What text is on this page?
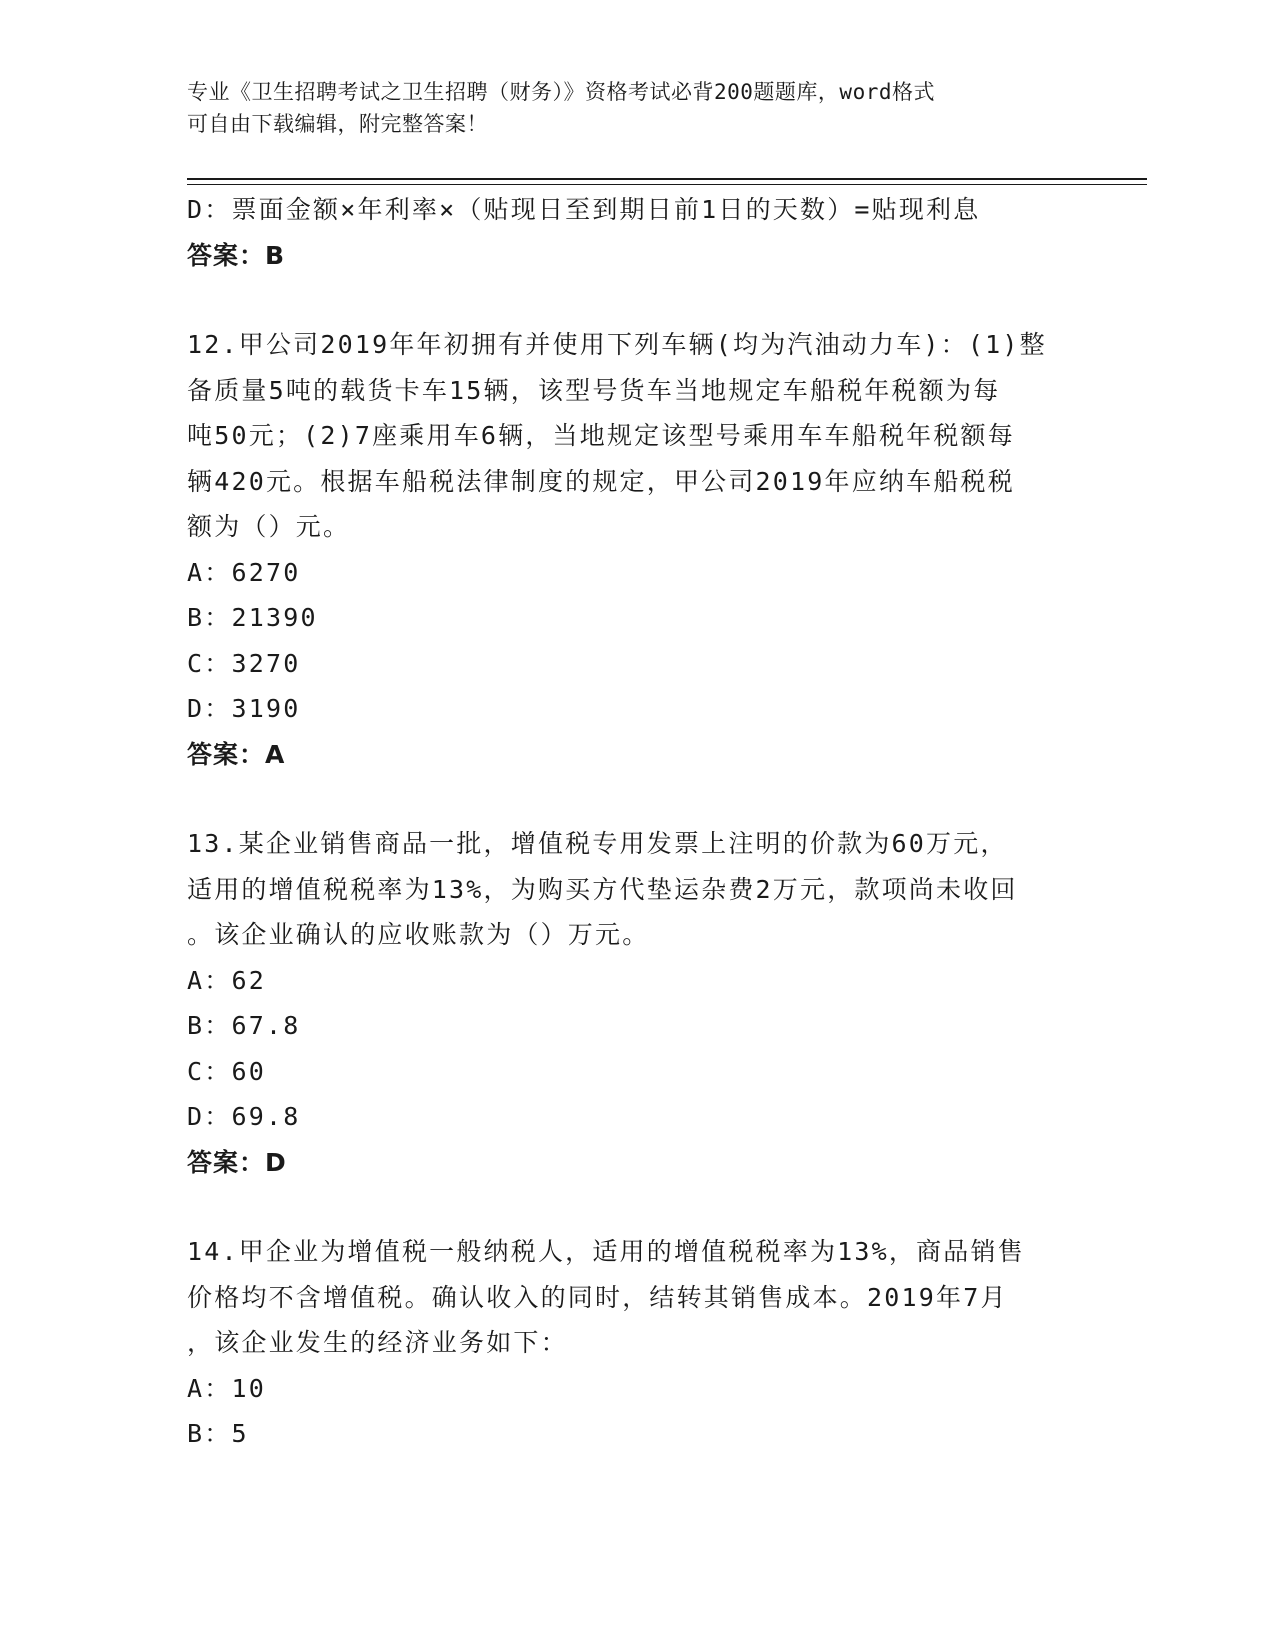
专业《卫生招聘考试之卫生招聘（财务）》资格考试必背200题题库，word格式
可自由下载编辑，附完整答案！
D：票面金额×年利率×（贴现日至到期日前1日的天数）=贴现利息
答案：B
12.甲公司2019年年初拥有并使用下列车辆(均为汽油动力车)：(1)整
备质量5吨的载货卡车15辆，该型号货车当地规定车船税年税额为每
吨50元；(2)7座乘用车6辆，当地规定该型号乘用车车船税年税额每
辆420元。根据车船税法律制度的规定，甲公司2019年应纳车船税税
额为（）元。
A：6270
B：21390
C：3270
D：3190
答案：A
13.某企业销售商品一批，增值税专用发票上注明的价款为60万元，
适用的增值税税率为13%，为购买方代垫运杂费2万元，款项尚未收回
。该企业确认的应收账款为（）万元。
A：62
B：67.8
C：60
D：69.8
答案：D
14.甲企业为增值税一般纳税人，适用的增值税税率为13%，商品销售
价格均不含增值税。确认收入的同时，结转其销售成本。2019年7月
，该企业发生的经济业务如下：
A：10
B：5
